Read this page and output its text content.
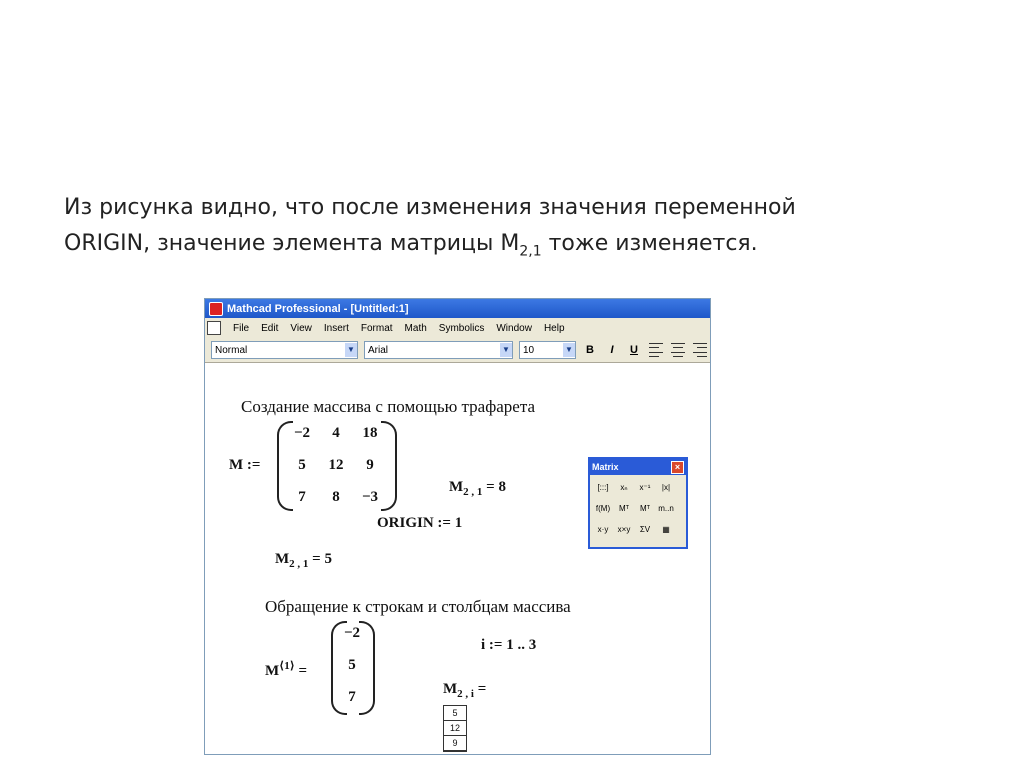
Из рисунка видно, что после изменения значения переменной
ORIGIN, значение элемента матрицы $M_{2,1}$ тоже изменяется.
Mathcad Professional - [Untitled:1]
File	Edit	View	Insert	Format	Math	Symbolics	Window	Help
Normal	▼ Arial	▼ 10	▼	B	I	U
Создание массива с помощью трафарета
M :=
−2	4	18
5	12	9
7	8	−3
$M_{2 , 1} = 8$
ORIGIN := 1
$M_{2 , 1} = 5$
Обращение к строкам и столбцам массива
$M^{⟨1⟩}$ =
−2
5
7
i := 1 .. 3
$M_{2 , i}$ =
5
12
9
Matrix	×
[:::]	xₙ	x⁻¹	|x|
f(M)	Mᵀ	Mᵀ	m..n
x·y	x×y	ΣV	▦
